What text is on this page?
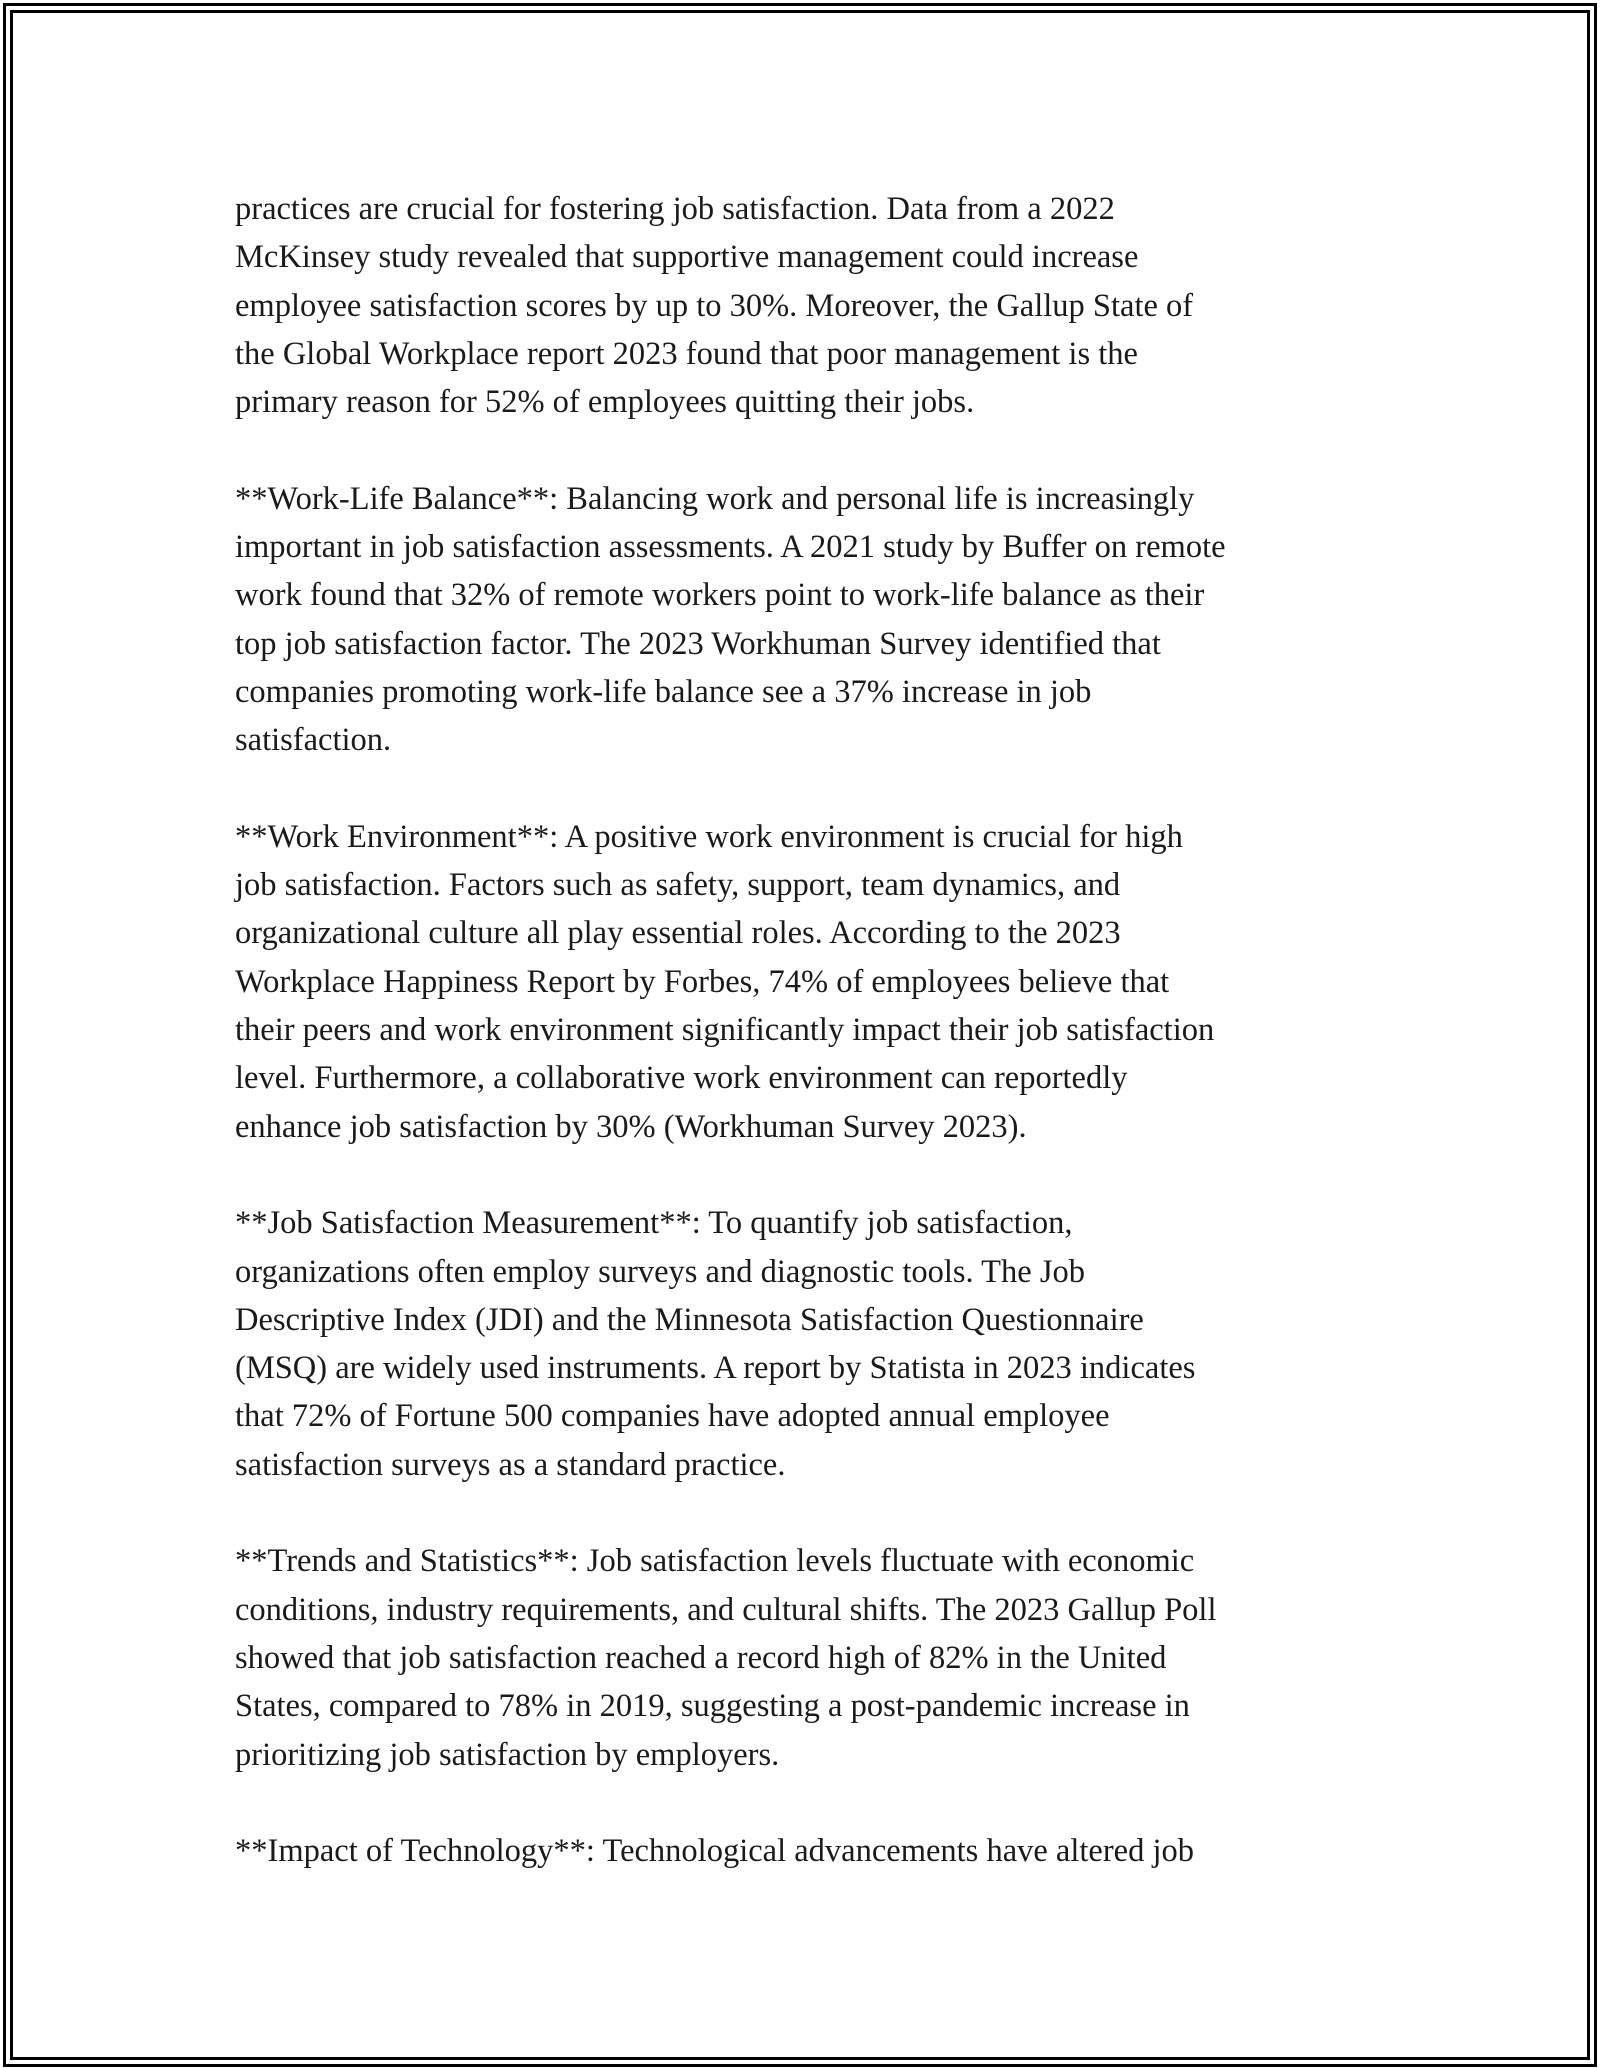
practices are crucial for fostering job satisfaction. Data from a 2022
McKinsey study revealed that supportive management could increase
employee satisfaction scores by up to 30%. Moreover, the Gallup State of
the Global Workplace report 2023 found that poor management is the
primary reason for 52% of employees quitting their jobs.
**Work-Life Balance**: Balancing work and personal life is increasingly
important in job satisfaction assessments. A 2021 study by Buffer on remote
work found that 32% of remote workers point to work-life balance as their
top job satisfaction factor. The 2023 Workhuman Survey identified that
companies promoting work-life balance see a 37% increase in job
satisfaction.
**Work Environment**: A positive work environment is crucial for high
job satisfaction. Factors such as safety, support, team dynamics, and
organizational culture all play essential roles. According to the 2023
Workplace Happiness Report by Forbes, 74% of employees believe that
their peers and work environment significantly impact their job satisfaction
level. Furthermore, a collaborative work environment can reportedly
enhance job satisfaction by 30% (Workhuman Survey 2023).
**Job Satisfaction Measurement**: To quantify job satisfaction,
organizations often employ surveys and diagnostic tools. The Job
Descriptive Index (JDI) and the Minnesota Satisfaction Questionnaire
(MSQ) are widely used instruments. A report by Statista in 2023 indicates
that 72% of Fortune 500 companies have adopted annual employee
satisfaction surveys as a standard practice.
**Trends and Statistics**: Job satisfaction levels fluctuate with economic
conditions, industry requirements, and cultural shifts. The 2023 Gallup Poll
showed that job satisfaction reached a record high of 82% in the United
States, compared to 78% in 2019, suggesting a post-pandemic increase in
prioritizing job satisfaction by employers.
**Impact of Technology**: Technological advancements have altered job
